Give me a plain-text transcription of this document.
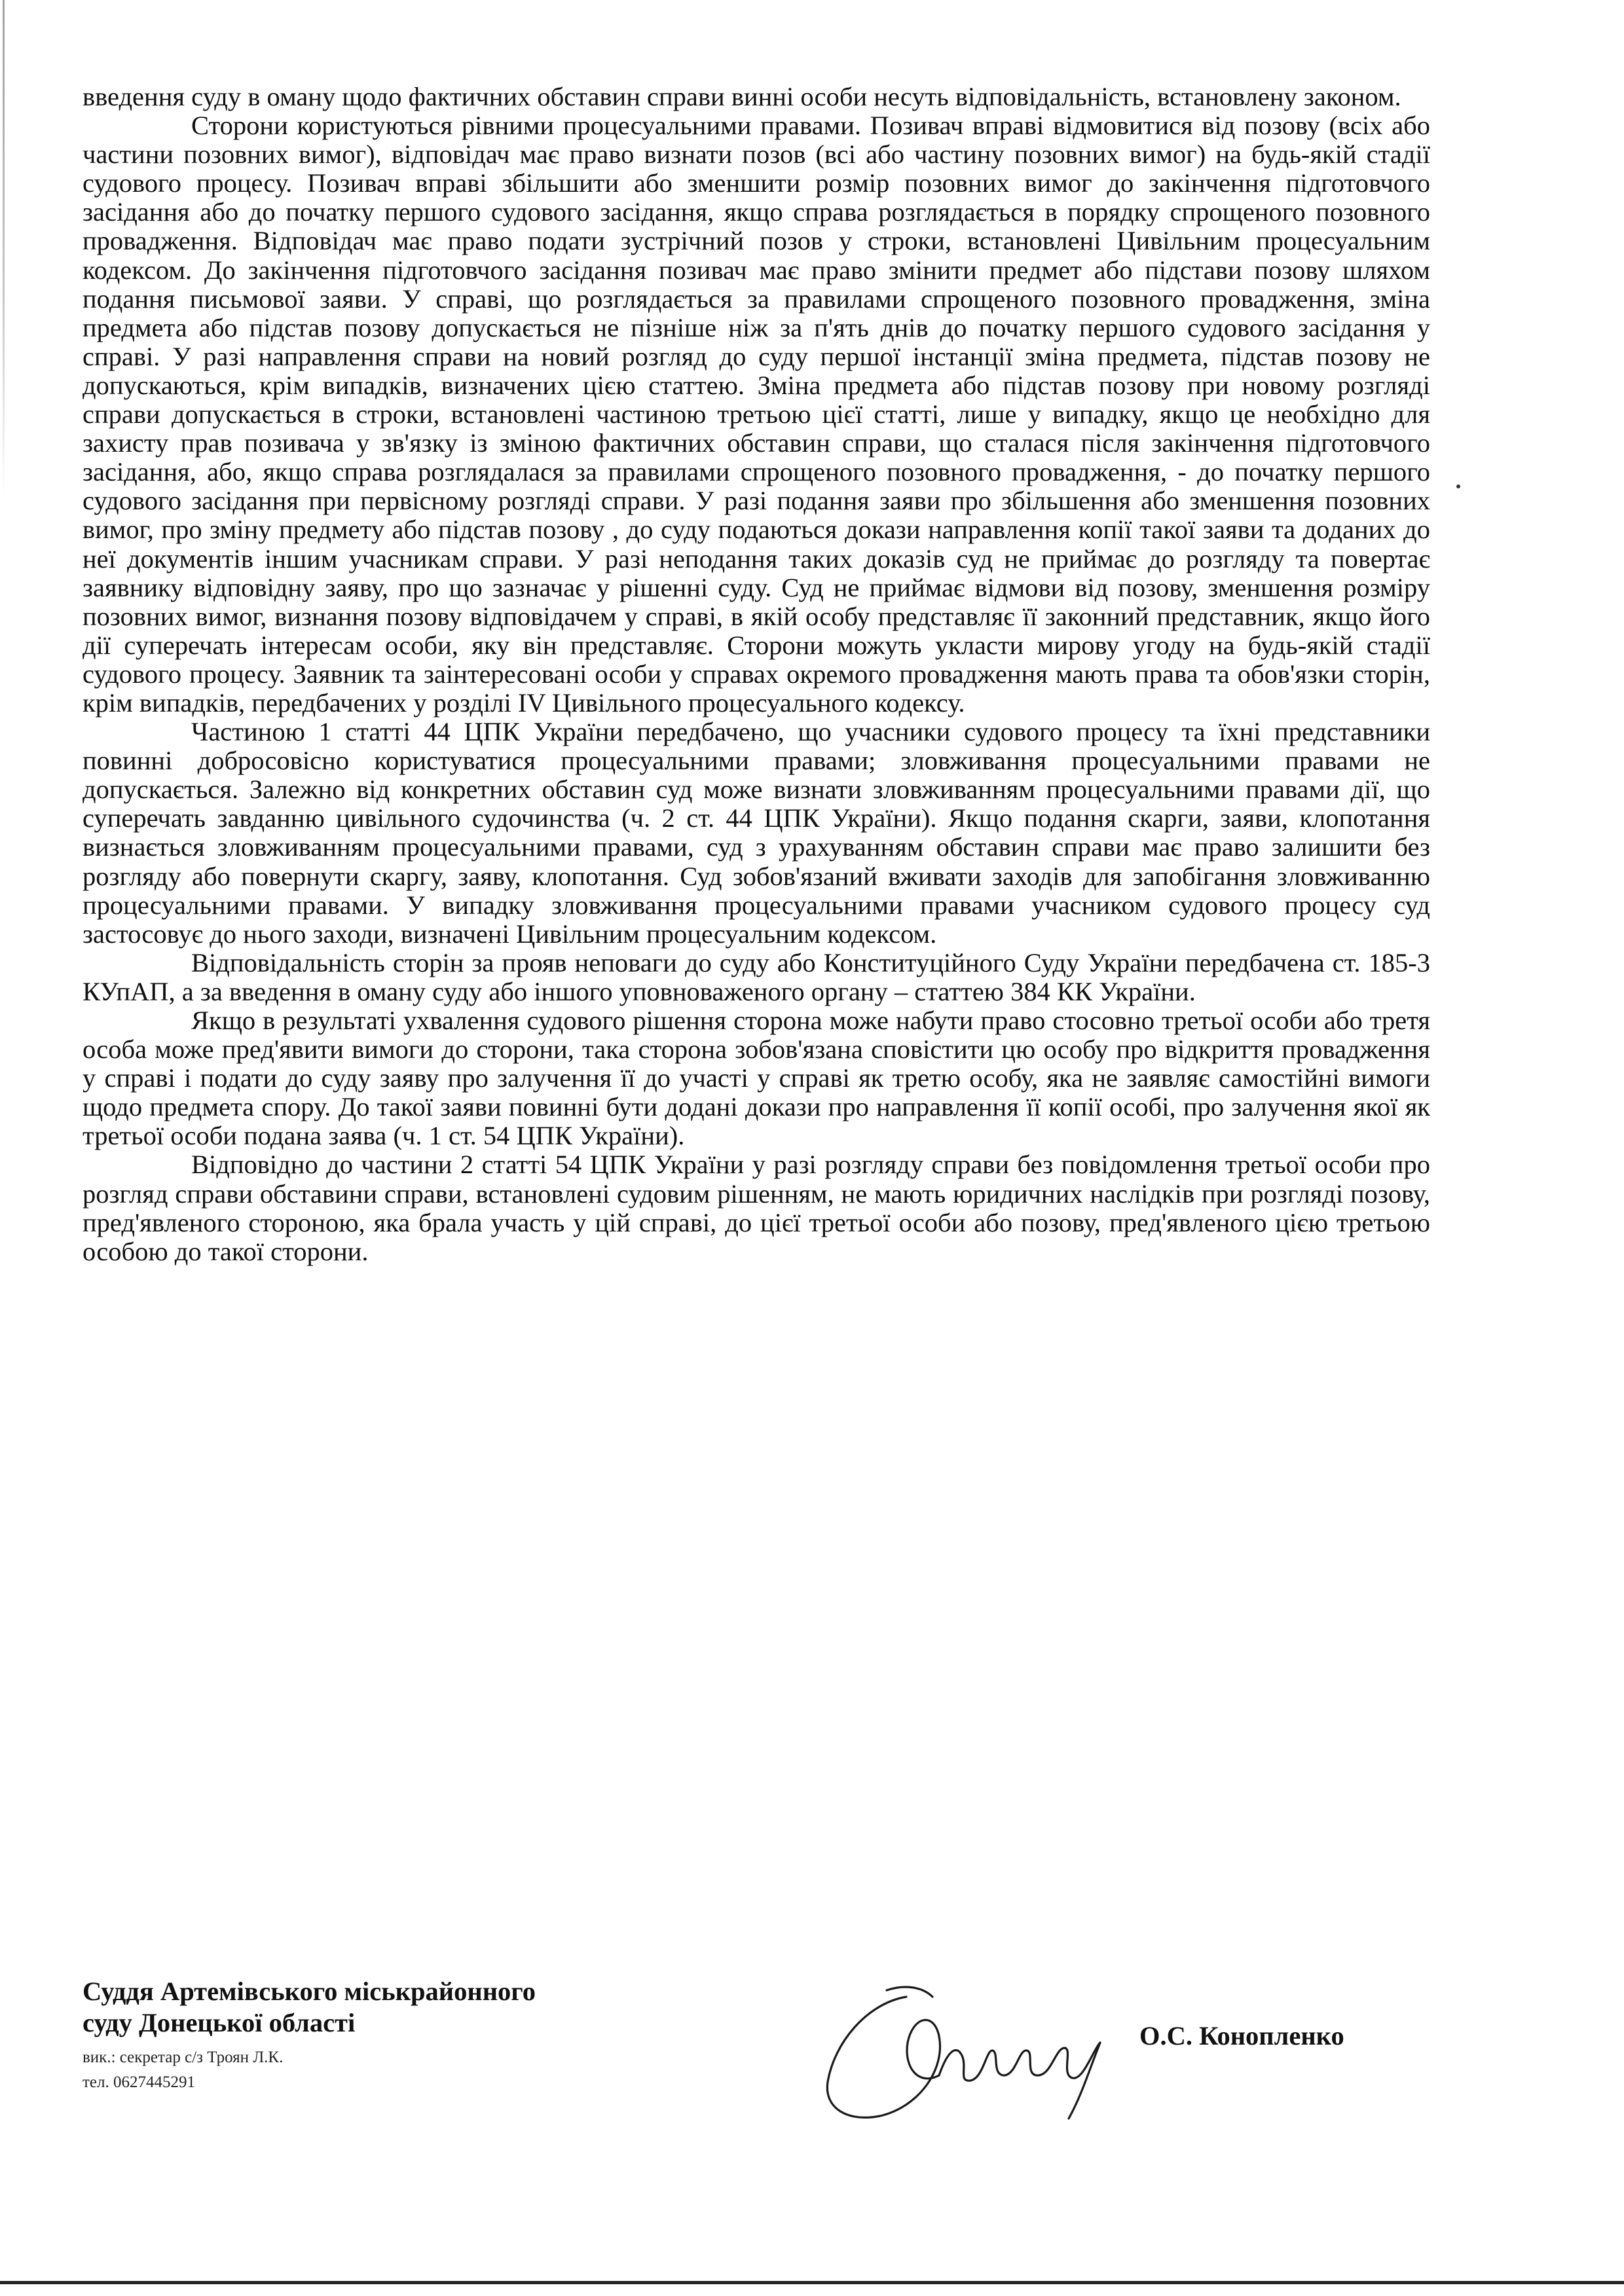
введення суду в оману щодо фактичних обставин справи винні особи несуть відповідальність, встановлену законом.

Сторони користуються рівними процесуальними правами. Позивач вправі відмовитися від позову (всіх або частини позовних вимог), відповідач має право визнати позов (всі або частину позовних вимог) на будь-якій стадії судового процесу. Позивач вправі збільшити або зменшити розмір позовних вимог до закінчення підготовчого засідання або до початку першого судового засідання, якщо справа розглядається в порядку спрощеного позовного провадження. Відповідач має право подати зустрічний позов у строки, встановлені Цивільним процесуальним кодексом. До закінчення підготовчого засідання позивач має право змінити предмет або підстави позову шляхом подання письмової заяви. У справі, що розглядається за правилами спрощеного позовного провадження, зміна предмета або підстав позову допускається не пізніше ніж за п'ять днів до початку першого судового засідання у справі. У разі направлення справи на новий розгляд до суду першої інстанції зміна предмета, підстав позову не допускаються, крім випадків, визначених цією статтею. Зміна предмета або підстав позову при новому розгляді справи допускається в строки, встановлені частиною третьою цієї статті, лише у випадку, якщо це необхідно для захисту прав позивача у зв'язку із зміною фактичних обставин справи, що сталася після закінчення підготовчого засідання, або, якщо справа розглядалася за правилами спрощеного позовного провадження, - до початку першого судового засідання при первісному розгляді справи. У разі подання заяви про збільшення або зменшення позовних вимог, про зміну предмету або підстав позову , до суду подаються докази направлення копії такої заяви та доданих до неї документів іншим учасникам справи. У разі неподання таких доказів суд не приймає до розгляду та повертає заявнику відповідну заяву, про що зазначає у рішенні суду. Суд не приймає відмови від позову, зменшення розміру позовних вимог, визнання позову відповідачем у справі, в якій особу представляє її законний представник, якщо його дії суперечать інтересам особи, яку він представляє. Сторони можуть укласти мирову угоду на будь-якій стадії судового процесу. Заявник та заінтересовані особи у справах окремого провадження мають права та обов'язки сторін, крім випадків, передбачених у розділі IV Цивільного процесуального кодексу.

Частиною 1 статті 44 ЦПК України передбачено, що учасники судового процесу та їхні представники повинні добросовісно користуватися процесуальними правами; зловживання процесуальними правами не допускається. Залежно від конкретних обставин суд може визнати зловживанням процесуальними правами дії, що суперечать завданню цивільного судочинства (ч. 2 ст. 44 ЦПК України). Якщо подання скарги, заяви, клопотання визнається зловживанням процесуальними правами, суд з урахуванням обставин справи має право залишити без розгляду або повернути скаргу, заяву, клопотання. Суд зобов'язаний вживати заходів для запобігання зловживанню процесуальними правами. У випадку зловживання процесуальними правами учасником судового процесу суд застосовує до нього заходи, визначені Цивільним процесуальним кодексом.

Відповідальність сторін за прояв неповаги до суду або Конституційного Суду України передбачена ст. 185-3 КУпАП, а за введення в оману суду або іншого уповноваженого органу – статтею 384 КК України.

Якщо в результаті ухвалення судового рішення сторона може набути право стосовно третьої особи або третя особа може пред'явити вимоги до сторони, така сторона зобов'язана сповістити цю особу про відкриття провадження у справі і подати до суду заяву про залучення її до участі у справі як третю особу, яка не заявляє самостійні вимоги щодо предмета спору. До такої заяви повинні бути додані докази про направлення її копії особі, про залучення якої як третьої особи подана заява (ч. 1 ст. 54 ЦПК України).

Відповідно до частини 2 статті 54 ЦПК України у разі розгляду справи без повідомлення третьої особи про розгляд справи обставини справи, встановлені судовим рішенням, не мають юридичних наслідків при розгляді позову, пред'явленого стороною, яка брала участь у цій справі, до цієї третьої особи або позову, пред'явленого цією третьою особою до такої сторони.

Суддя Артемівського міськрайонного
суду Донецької області
вик.: секретар с/з Троян Л.К.
тел. 0627445291
О.С. Конопленко
